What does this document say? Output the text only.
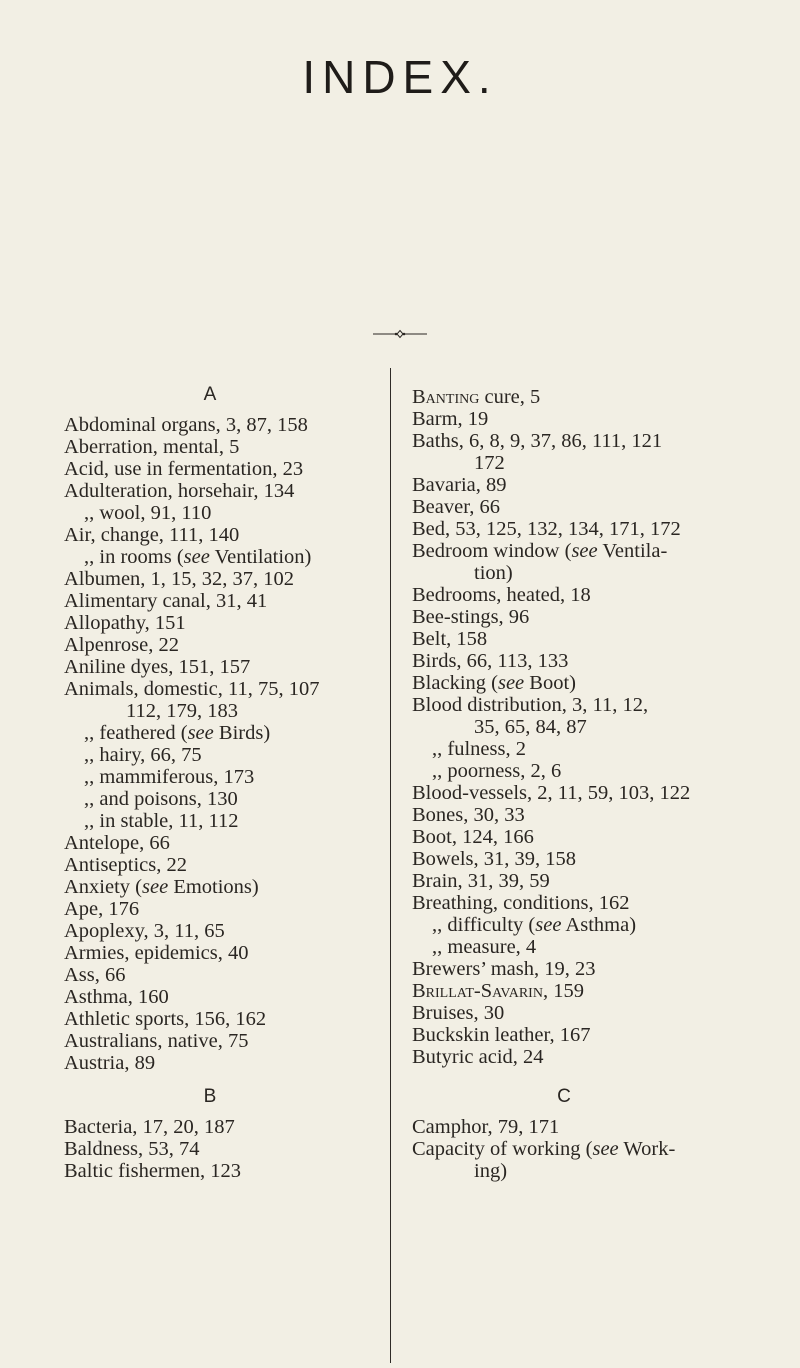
INDEX.
A
Abdominal organs, 3, 87, 158
Aberration, mental, 5
Acid, use in fermentation, 23
Adulteration, horsehair, 134
,, wool, 91, 110
Air, change, 111, 140
,, in rooms (see Ventilation)
Albumen, 1, 15, 32, 37, 102
Alimentary canal, 31, 41
Allopathy, 151
Alpenrose, 22
Aniline dyes, 151, 157
Animals, domestic, 11, 75, 107
112, 179, 183
,, feathered (see Birds)
,, hairy, 66, 75
,, mammiferous, 173
,, and poisons, 130
,, in stable, 11, 112
Antelope, 66
Antiseptics, 22
Anxiety (see Emotions)
Ape, 176
Apoplexy, 3, 11, 65
Armies, epidemics, 40
Ass, 66
Asthma, 160
Athletic sports, 156, 162
Australians, native, 75
Austria, 89
B
Bacteria, 17, 20, 187
Baldness, 53, 74
Baltic fishermen, 123
Banting cure, 5
Barm, 19
Baths, 6, 8, 9, 37, 86, 111, 121
172
Bavaria, 89
Beaver, 66
Bed, 53, 125, 132, 134, 171, 172
Bedroom window (see Ventila-
tion)
Bedrooms, heated, 18
Bee-stings, 96
Belt, 158
Birds, 66, 113, 133
Blacking (see Boot)
Blood distribution, 3, 11, 12,
35, 65, 84, 87
,, fulness, 2
,, poorness, 2, 6
Blood-vessels, 2, 11, 59, 103, 122
Bones, 30, 33
Boot, 124, 166
Bowels, 31, 39, 158
Brain, 31, 39, 59
Breathing, conditions, 162
,, difficulty (see Asthma)
,, measure, 4
Brewers’ mash, 19, 23
Brillat-Savarin, 159
Bruises, 30
Buckskin leather, 167
Butyric acid, 24
C
Camphor, 79, 171
Capacity of working (see Work-
ing)
